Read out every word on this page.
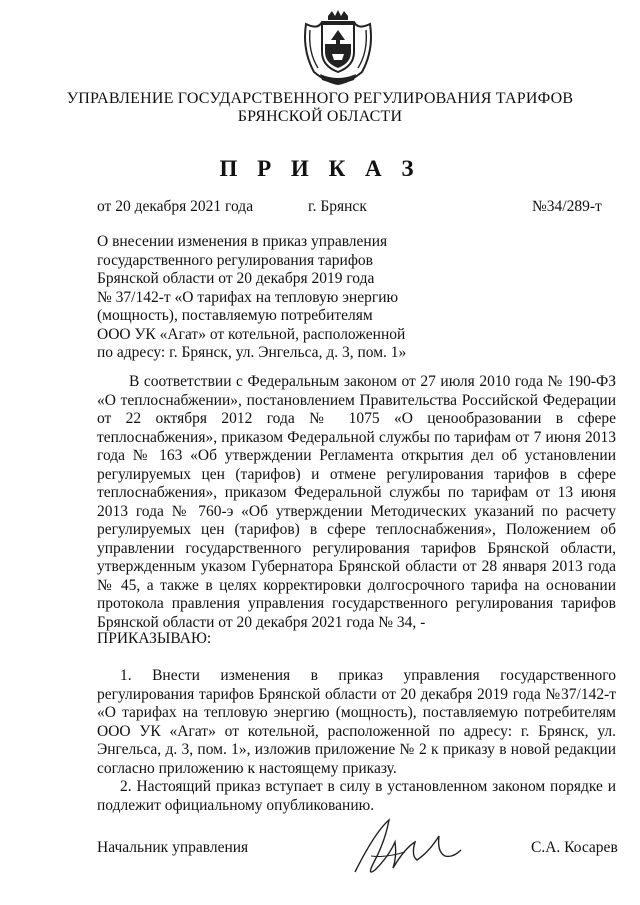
УПРАВЛЕНИЕ ГОСУДАРСТВЕННОГО РЕГУЛИРОВАНИЯ ТАРИФОВ
БРЯНСКОЙ ОБЛАСТИ
П Р И К А З
от 20 декабря 2021 года	г. Брянск	№34/289-т
О внесении изменения в приказ управления
государственного регулирования тарифов
Брянской области от 20 декабря 2019 года
№ 37/142-т «О тарифах на тепловую энергию
(мощность), поставляемую потребителям
ООО УК «Агат» от котельной, расположенной
по адресу: г. Брянск, ул. Энгельса, д. 3, пом. 1»

В соответствии с Федеральным законом от 27 июля 2010 года № 190-ФЗ «О теплоснабжении», постановлением Правительства Российской Федерации от 22 октября 2012 года № 1075 «О ценообразовании в сфере теплоснабжения», приказом Федеральной службы по тарифам от 7 июня 2013 года № 163 «Об утверждении Регламента открытия дел об установлении регулируемых цен (тарифов) и отмене регулирования тарифов в сфере теплоснабжения», приказом Федеральной службы по тарифам от 13 июня 2013 года № 760-э «Об утверждении Методических указаний по расчету регулируемых цен (тарифов) в сфере теплоснабжения», Положением об управлении государственного регулирования тарифов Брянской области, утвержденным указом Губернатора Брянской области от 28 января 2013 года № 45, а также в целях корректировки долгосрочного тарифа на основании протокола правления управления государственного регулирования тарифов Брянской области от 20 декабря 2021 года № 34, -

ПРИКАЗЫВАЮ:

1. Внести изменения в приказ управления государственного регулирования тарифов Брянской области от 20 декабря 2019 года №37/142-т «О тарифах на тепловую энергию (мощность), поставляемую потребителям ООО УК «Агат» от котельной, расположенной по адресу: г. Брянск, ул. Энгельса, д. 3, пом. 1», изложив приложение № 2 к приказу в новой редакции согласно приложению к настоящему приказу.

2. Настоящий приказ вступает в силу в установленном законом порядке и подлежит официальному опубликованию.

Начальник управления	С.А. Косарев
